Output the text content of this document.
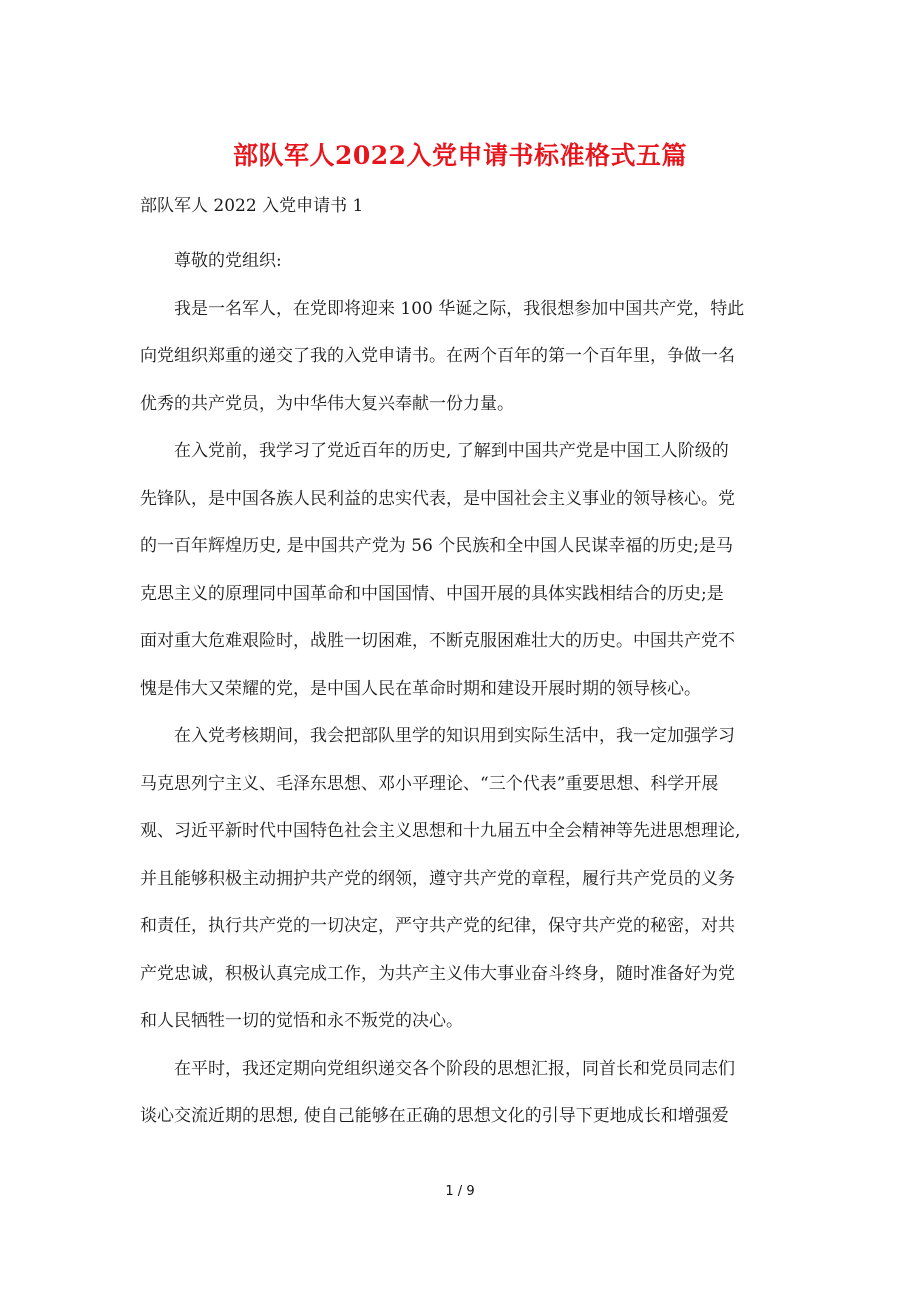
部队军人2022入党申请书标准格式五篇
部队军人 2022 入党申请书 1

尊敬的党组织:

我是一名军人，在党即将迎来 100 华诞之际，我很想参加中国共产党，特此
向党组织郑重的递交了我的入党申请书。在两个百年的第一个百年里，争做一名
优秀的共产党员，为中华伟大复兴奉献一份力量。

在入党前，我学习了党近百年的历史, 了解到中国共产党是中国工人阶级的
先锋队，是中国各族人民利益的忠实代表，是中国社会主义事业的领导核心。党
的一百年辉煌历史, 是中国共产党为 56 个民族和全中国人民谋幸福的历史;是马
克思主义的原理同中国革命和中国国情、中国开展的具体实践相结合的历史;是
面对重大危难艰险时，战胜一切困难，不断克服困难壮大的历史。中国共产党不
愧是伟大又荣耀的党，是中国人民在革命时期和建设开展时期的领导核心。

在入党考核期间，我会把部队里学的知识用到实际生活中，我一定加强学习
马克思列宁主义、毛泽东思想、邓小平理论、“三个代表”重要思想、科学开展
观、习近平新时代中国特色社会主义思想和十九届五中全会精神等先进思想理论,
并且能够积极主动拥护共产党的纲领，遵守共产党的章程，履行共产党员的义务
和责任，执行共产党的一切决定，严守共产党的纪律，保守共产党的秘密，对共
产党忠诚，积极认真完成工作，为共产主义伟大事业奋斗终身，随时准备好为党
和人民牺牲一切的觉悟和永不叛党的决心。

在平时，我还定期向党组织递交各个阶段的思想汇报，同首长和党员同志们
谈心交流近期的思想, 使自己能够在正确的思想文化的引导下更地成长和增强爱

1 / 9
